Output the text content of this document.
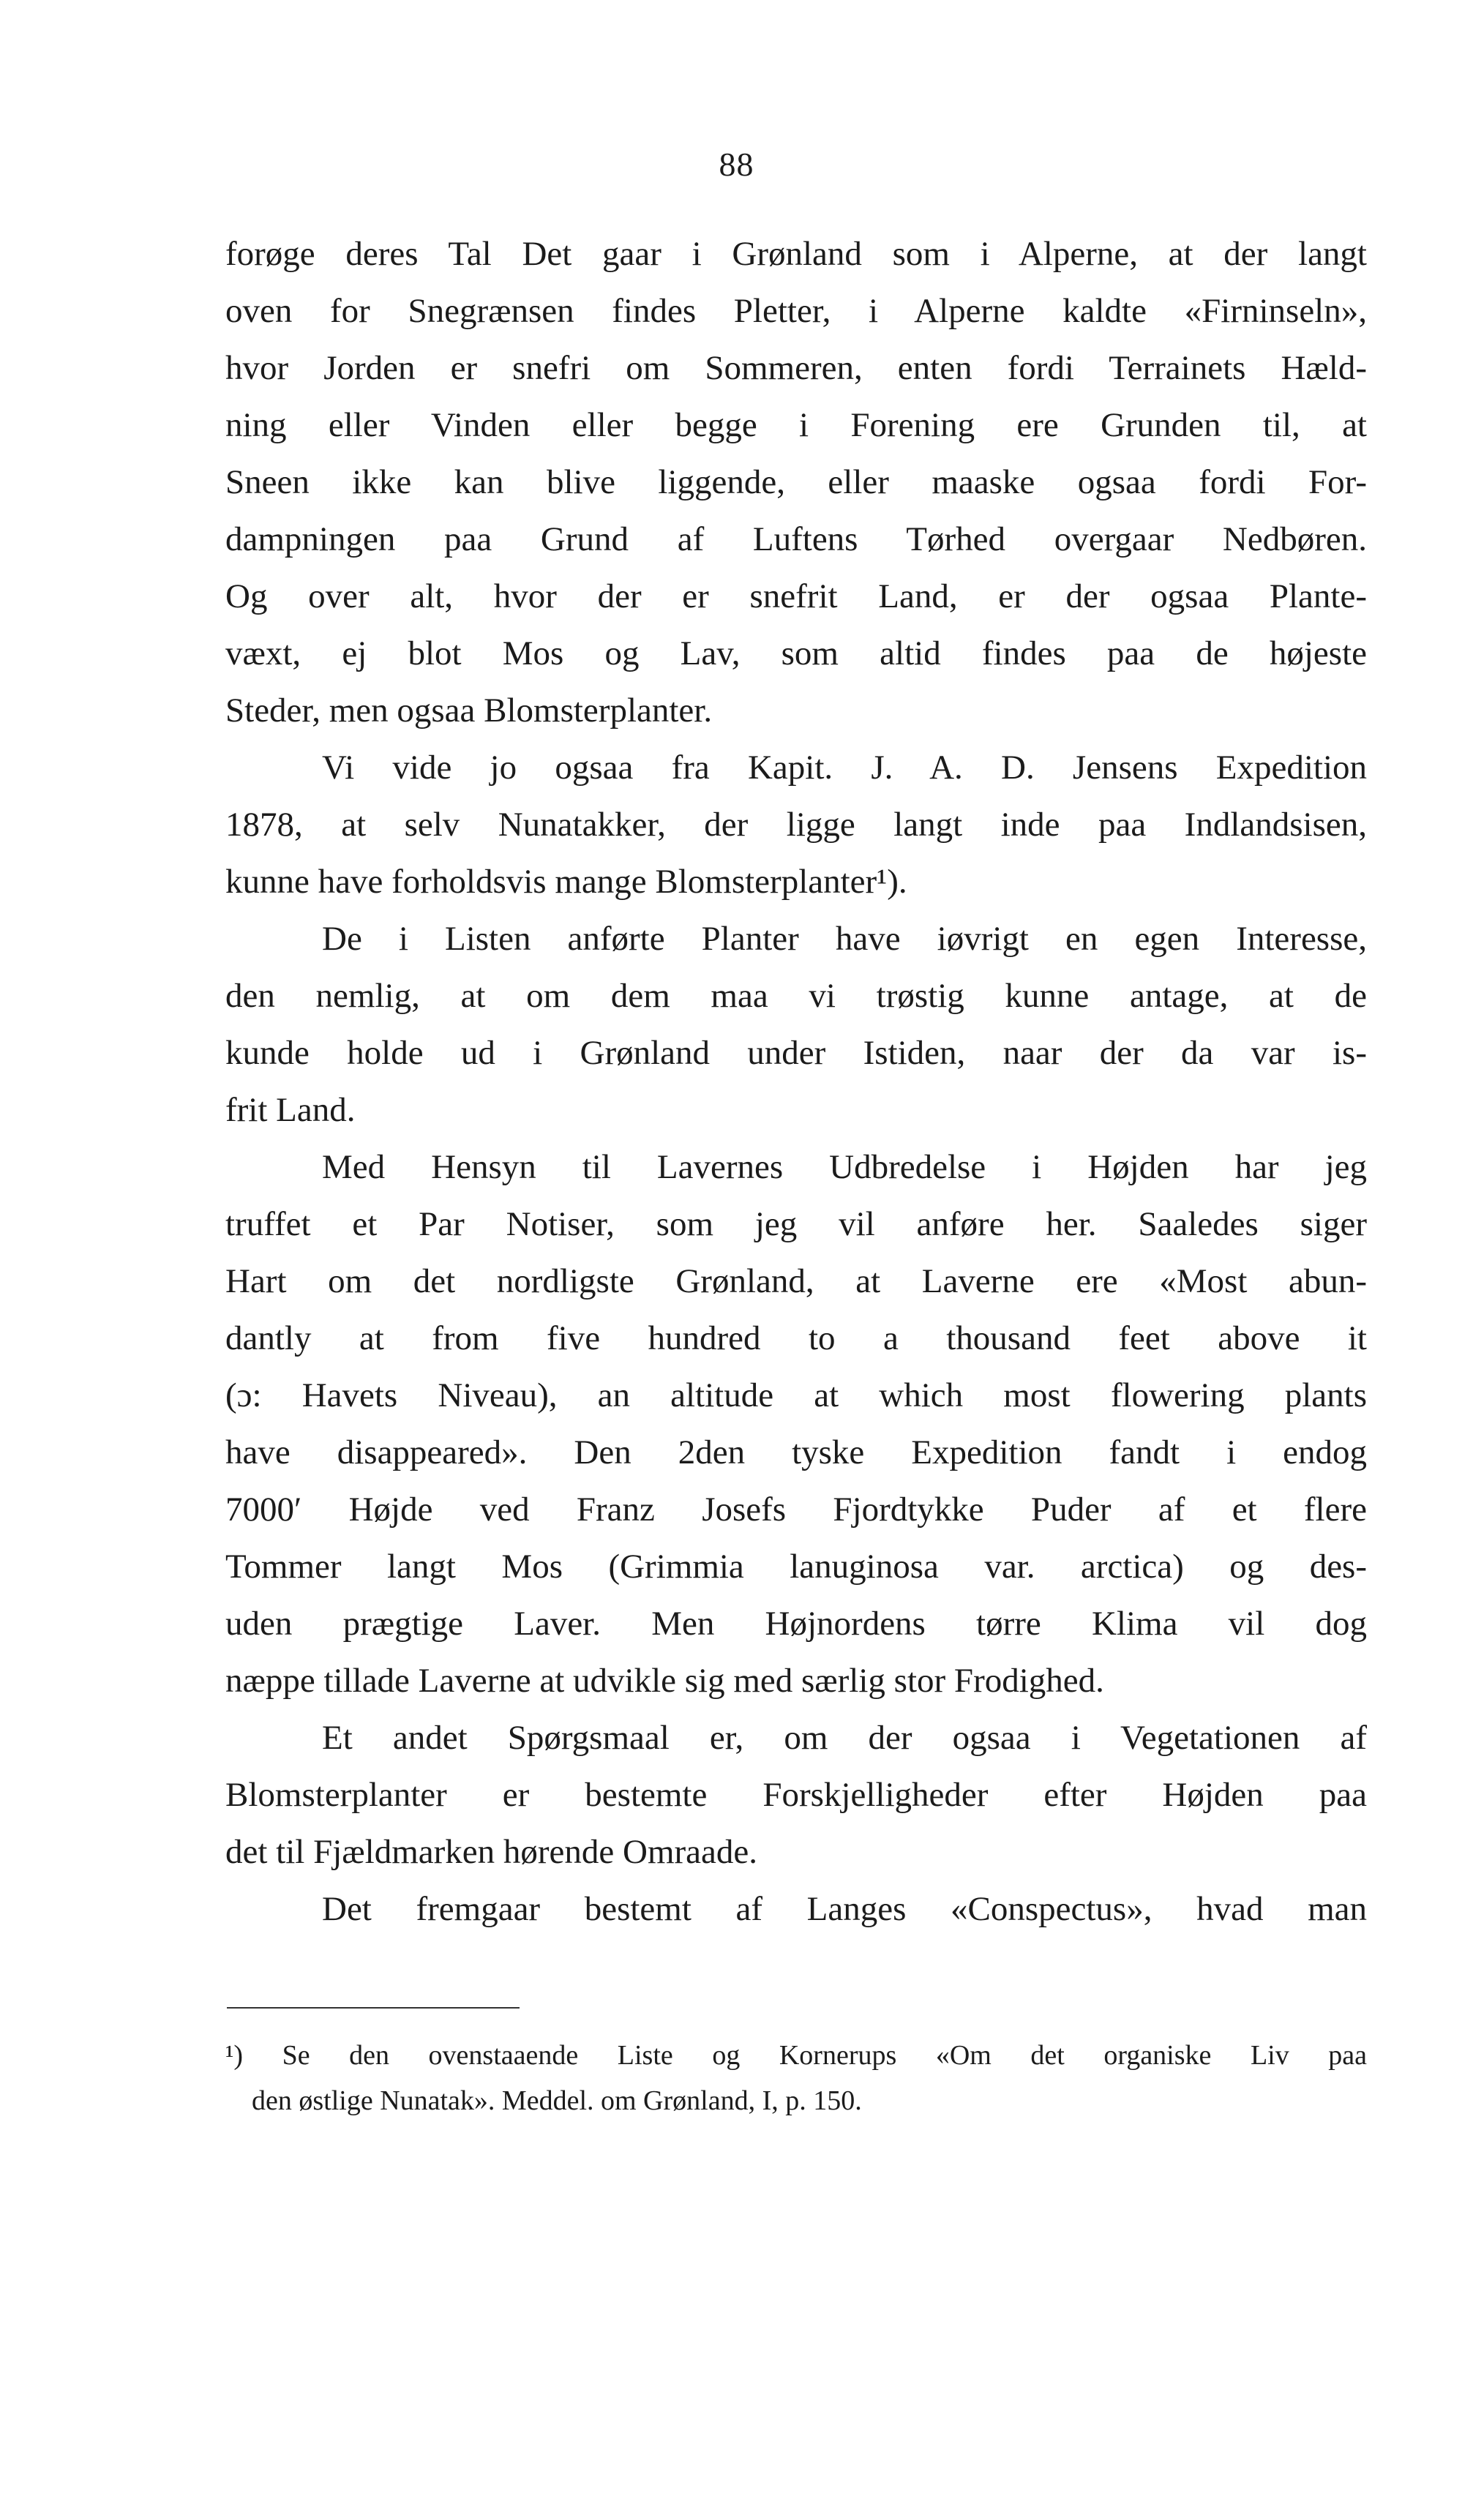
88
forøge deres Tal Det gaar i Grønland som i Alperne, at der langt
oven for Snegrænsen findes Pletter, i Alperne kaldte «Firninseln»,
hvor Jorden er snefri om Sommeren, enten fordi Terrainets Hæld-
ning eller Vinden eller begge i Forening ere Grunden til, at
Sneen ikke kan blive liggende, eller maaske ogsaa fordi For-
dampningen paa Grund af Luftens Tørhed overgaar Nedbøren.
Og over alt, hvor der er snefrit Land, er der ogsaa Plante-
væxt, ej blot Mos og Lav, som altid findes paa de højeste
Steder, men ogsaa Blomsterplanter.
Vi vide jo ogsaa fra Kapit. J. A. D. Jensens Expedition
1878, at selv Nunatakker, der ligge langt inde paa Indlandsisen,
kunne have forholdsvis mange Blomsterplanter¹).
De i Listen anførte Planter have iøvrigt en egen Interesse,
den nemlig, at om dem maa vi trøstig kunne antage, at de
kunde holde ud i Grønland under Istiden, naar der da var is-
frit Land.
Med Hensyn til Lavernes Udbredelse i Højden har jeg
truffet et Par Notiser, som jeg vil anføre her. Saaledes siger
Hart om det nordligste Grønland, at Laverne ere «Most abun-
dantly at from five hundred to a thousand feet above it
(ɔ: Havets Niveau), an altitude at which most flowering plants
have disappeared». Den 2den tyske Expedition fandt i endog
7000′ Højde ved Franz Josefs Fjordtykke Puder af et flere
Tommer langt Mos (Grimmia lanuginosa var. arctica) og des-
uden prægtige Laver. Men Højnordens tørre Klima vil dog
næppe tillade Laverne at udvikle sig med særlig stor Frodighed.
Et andet Spørgsmaal er, om der ogsaa i Vegetationen af
Blomsterplanter er bestemte Forskjelligheder efter Højden paa
det til Fjældmarken hørende Omraade.
Det fremgaar bestemt af Langes «Conspectus», hvad man
¹) Se den ovenstaaende Liste og Kornerups «Om det organiske Liv paa
den østlige Nunatak». Meddel. om Grønland, I, p. 150.
